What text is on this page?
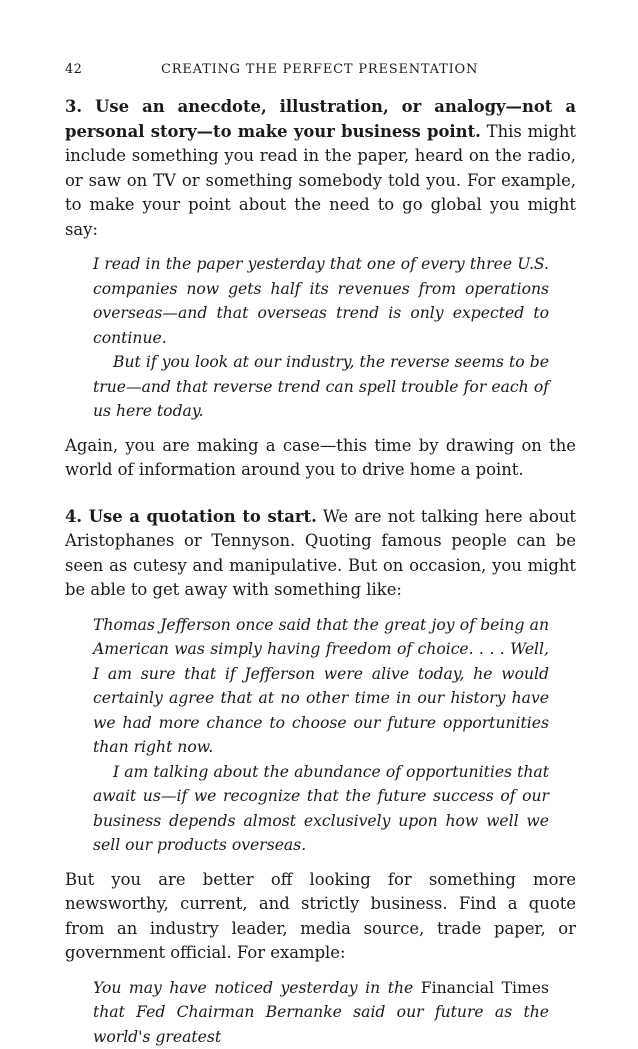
42	CREATING THE PERFECT PRESENTATION

3. Use an anecdote, illustration, or analogy—not a personal story—to make your business point. This might include something you read in the paper, heard on the radio, or saw on TV or something somebody told you. For example, to make your point about the need to go global you might say:

I read in the paper yesterday that one of every three U.S. companies now gets half its revenues from operations overseas—and that overseas trend is only expected to continue.

But if you look at our industry, the reverse seems to be true—and that reverse trend can spell trouble for each of us here today.

Again, you are making a case—this time by drawing on the world of information around you to drive home a point.

4. Use a quotation to start. We are not talking here about Aristophanes or Tennyson. Quoting famous people can be seen as cutesy and manipulative. But on occasion, you might be able to get away with something like:

Thomas Jefferson once said that the great joy of being an American was simply having freedom of choice. . . . Well, I am sure that if Jefferson were alive today, he would certainly agree that at no other time in our history have we had more chance to choose our future opportunities than right now.

I am talking about the abundance of opportunities that await us—if we recognize that the future success of our business depends almost exclusively upon how well we sell our products overseas.

But you are better off looking for something more newsworthy, current, and strictly business. Find a quote from an industry leader, media source, trade paper, or government official. For example:

You may have noticed yesterday in the Financial Times that Fed Chairman Bernanke said our future as the world's greatest
